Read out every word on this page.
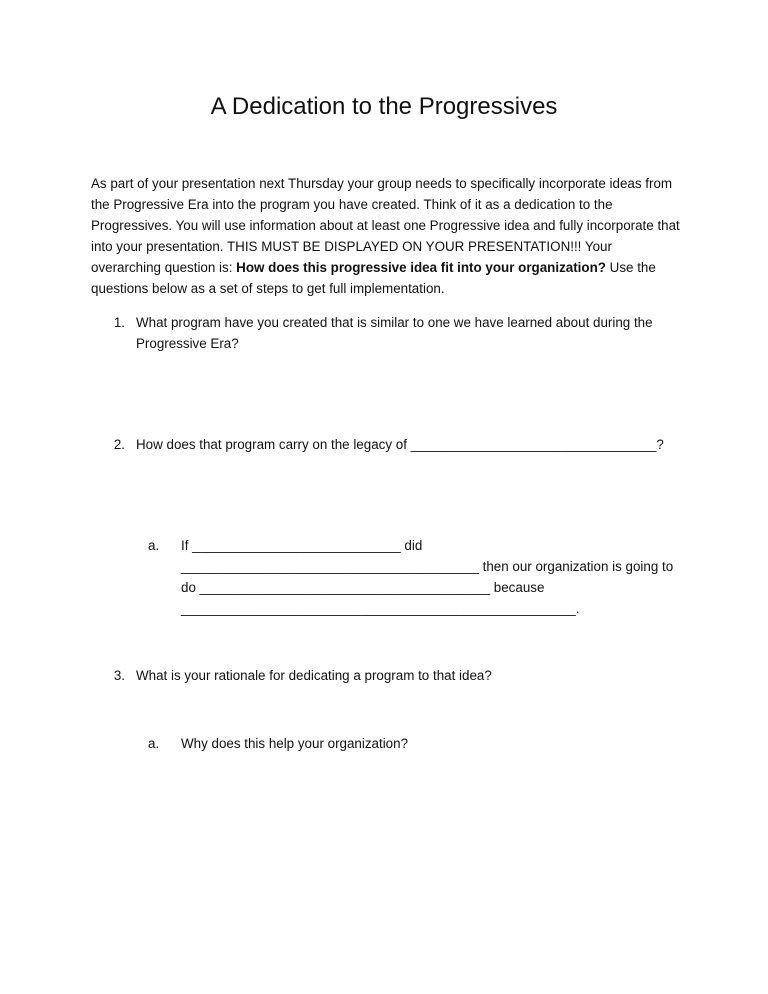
A Dedication to the Progressives

As part of your presentation next Thursday your group needs to specifically incorporate ideas from the Progressive Era into the program you have created. Think of it as a dedication to the Progressives. You will use information about at least one Progressive idea and fully incorporate that into your presentation. THIS MUST BE DISPLAYED ON YOUR PRESENTATION!!! Your overarching question is: How does this progressive idea fit into your organization? Use the questions below as a set of steps to get full implementation.

1. What program have you created that is similar to one we have learned about during the Progressive Era?
2. How does that program carry on the legacy of _________________________________?
a.	If ____________________________ did ________________________________________ then our organization is going to do _______________________________________ because _____________________________________________________.
3. What is your rationale for dedicating a program to that idea?
a.	Why does this help your organization?
